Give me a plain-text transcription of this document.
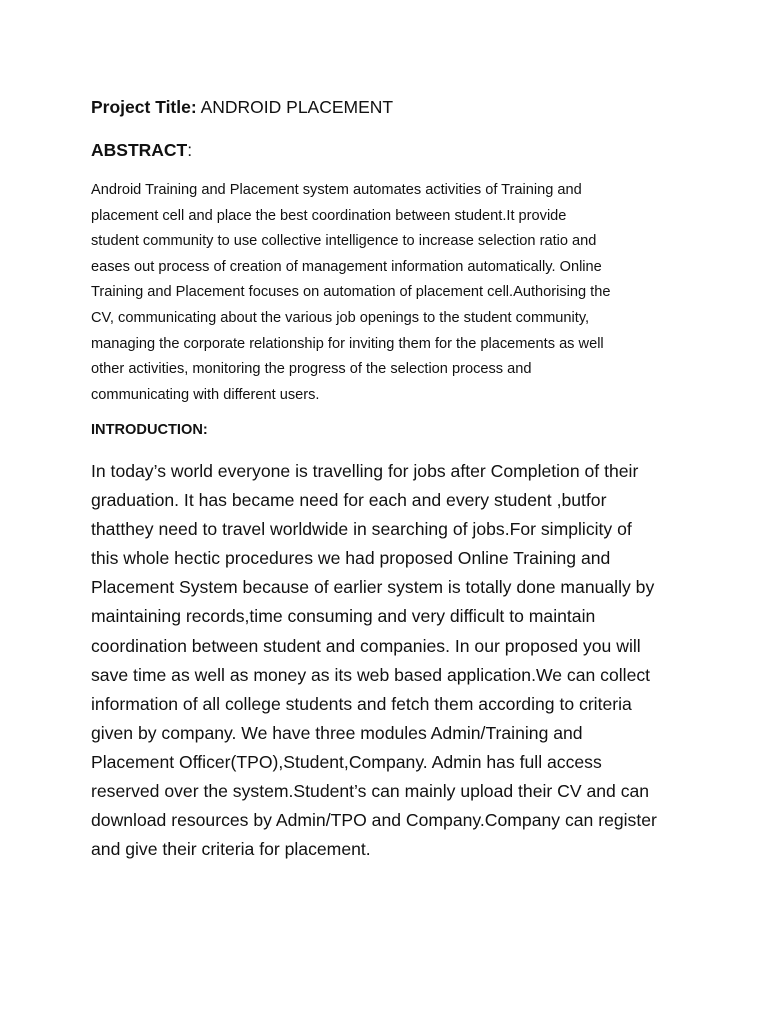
Project Title: ANDROID PLACEMENT
ABSTRACT:
Android Training and Placement system automates activities of Training and
placement cell and place the best coordination between student.It provide
student community to use collective intelligence to increase selection ratio and
eases out process of creation of management information automatically. Online
Training and Placement focuses on automation of placement cell.Authorising the
CV, communicating about the various job openings to the student community,
managing the corporate relationship for inviting them for the placements as well
other activities, monitoring the progress of the selection process and
communicating with different users.
INTRODUCTION:
In today’s world everyone is travelling for jobs after Completion of their
graduation. It has became need for each and every student ,butfor
thatthey need to travel worldwide in searching of jobs.For simplicity of
this whole hectic procedures we had proposed Online Training and
Placement System because of earlier system is totally done manually by
maintaining records,time consuming and very difficult to maintain
coordination between student and companies. In our proposed you will
save time as well as money as its web based application.We can collect
information of all college students and fetch them according to criteria
given by company. We have three modules Admin/Training and
Placement Officer(TPO),Student,Company. Admin has full access
reserved over the system.Student’s can mainly upload their CV and can
download resources by Admin/TPO and Company.Company can register
and give their criteria for placement.
